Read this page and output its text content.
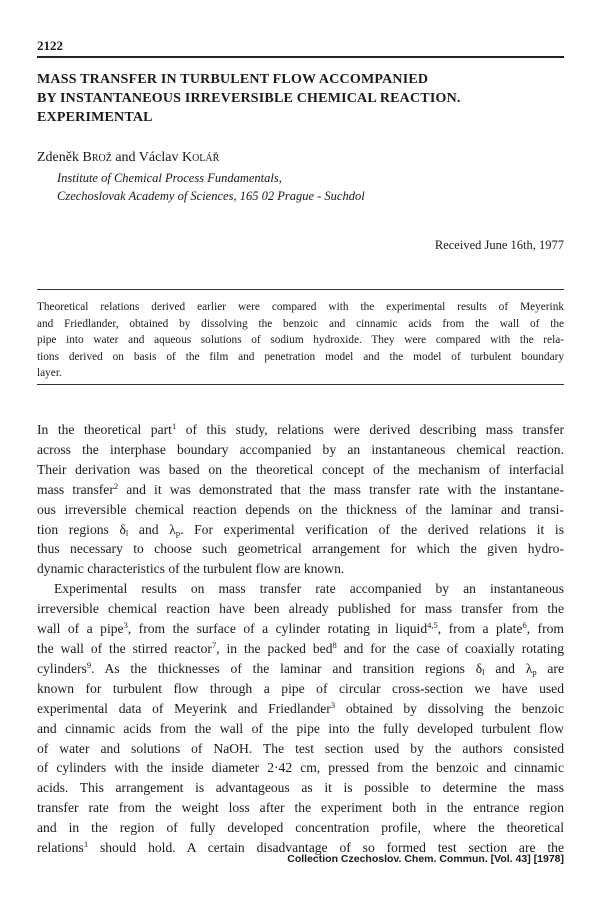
2122
MASS TRANSFER IN TURBULENT FLOW ACCOMPANIED
BY INSTANTANEOUS IRREVERSIBLE CHEMICAL REACTION.
EXPERIMENTAL
Zdeněk Brož and Václav Kolář
Institute of Chemical Process Fundamentals,
Czechoslovak Academy of Sciences, 165 02 Prague - Suchdol
Received June 16th, 1977
Theoretical relations derived earlier were compared with the experimental results of Meyerink
and Friedlander, obtained by dissolving the benzoic and cinnamic acids from the wall of the
pipe into water and aqueous solutions of sodium hydroxide. They were compared with the rela-
tions derived on basis of the film and penetration model and the model of turbulent boundary
layer.
In the theoretical part$^1$ of this study, relations were derived describing mass transfer
across the interphase boundary accompanied by an instantaneous chemical reaction.
Their derivation was based on the theoretical concept of the mechanism of interfacial
mass transfer$^2$ and it was demonstrated that the mass transfer rate with the instantane-
ous irreversible chemical reaction depends on the thickness of the laminar and transi-
tion regions $\delta_l$ and $\lambda_p$. For experimental verification of the derived relations it is
thus necessary to choose such geometrical arrangement for which the given hydro-
dynamic characteristics of the turbulent flow are known.
Experimental results on mass transfer rate accompanied by an instantaneous
irreversible chemical reaction have been already published for mass transfer from the
wall of a pipe$^3$, from the surface of a cylinder rotating in liquid$^{4,5}$, from a plate$^6$, from
the wall of the stirred reactor$^7$, in the packed bed$^8$ and for the case of coaxially rotating
cylinders$^9$. As the thicknesses of the laminar and transition regions $\delta_l$ and $\lambda_p$ are
known for turbulent flow through a pipe of circular cross-section we have used
experimental data of Meyerink and Friedlander$^3$ obtained by dissolving the benzoic
and cinnamic acids from the wall of the pipe into the fully developed turbulent flow
of water and solutions of NaOH. The test section used by the authors consisted
of cylinders with the inside diameter 2·42 cm, pressed from the benzoic and cinnamic
acids. This arrangement is advantageous as it is possible to determine the mass
transfer rate from the weight loss after the experiment both in the entrance region
and in the region of fully developed concentration profile, where the theoretical
relations$^1$ should hold. A certain disadvantage of so formed test section are the
Collection Czechoslov. Chem. Commun. [Vol. 43] [1978]
